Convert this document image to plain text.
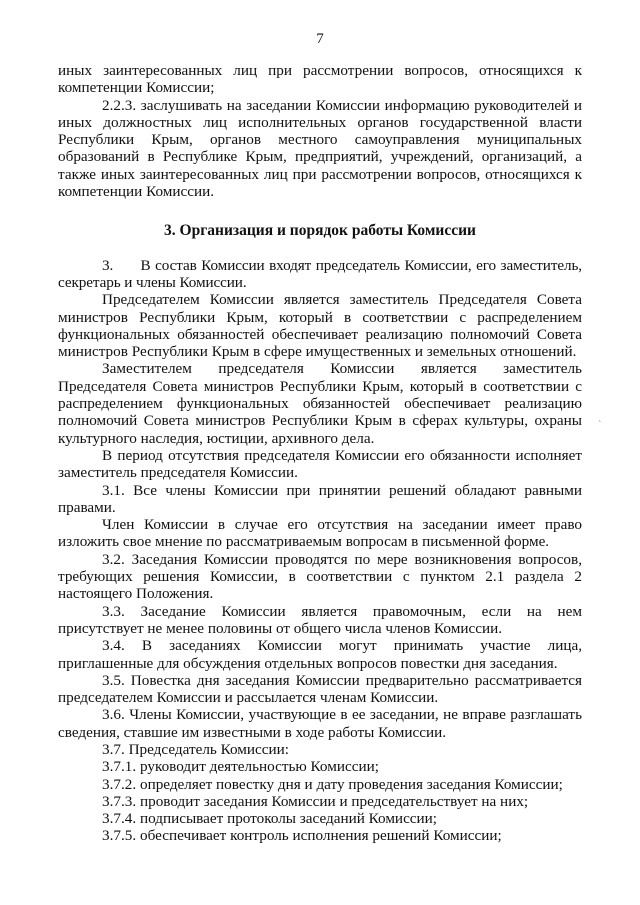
7

иных заинтересованных лиц при рассмотрении вопросов, относящихся к компетенции Комиссии;

2.2.3. заслушивать на заседании Комиссии информацию руководителей и иных должностных лиц исполнительных органов государственной власти Республики Крым, органов местного самоуправления муниципальных образований в Республике Крым, предприятий, учреждений, организаций, а также иных заинтересованных лиц при рассмотрении вопросов, относящихся к компетенции Комиссии.

3. Организация и порядок работы Комиссии

3.      В состав Комиссии входят председатель Комиссии, его заместитель, секретарь и члены Комиссии.

Председателем Комиссии является заместитель Председателя Совета министров Республики Крым, который в соответствии с распределением функциональных обязанностей обеспечивает реализацию полномочий Совета министров Республики Крым в сфере имущественных и земельных отношений.

Заместителем председателя Комиссии является заместитель Председателя Совета министров Республики Крым, который в соответствии с распределением функциональных обязанностей обеспечивает реализацию полномочий Совета министров Республики Крым в сферах культуры, охраны культурного наследия, юстиции, архивного дела.

В период отсутствия председателя Комиссии его обязанности исполняет заместитель председателя Комиссии.

3.1. Все члены Комиссии при принятии решений обладают равными правами.

Член Комиссии в случае его отсутствия на заседании имеет право изложить свое мнение по рассматриваемым вопросам в письменной форме.

3.2. Заседания Комиссии проводятся по мере возникновения вопросов, требующих решения Комиссии, в соответствии с пунктом 2.1 раздела 2 настоящего Положения.

3.3. Заседание Комиссии является правомочным, если на нем присутствует не менее половины от общего числа членов Комиссии.

3.4. В заседаниях Комиссии могут принимать участие лица, приглашенные для обсуждения отдельных вопросов повестки дня заседания.

3.5. Повестка дня заседания Комиссии предварительно рассматривается председателем Комиссии и рассылается членам Комиссии.

3.6. Члены Комиссии, участвующие в ее заседании, не вправе разглашать сведения, ставшие им известными в ходе работы Комиссии.

3.7. Председатель Комиссии:

3.7.1. руководит деятельностью Комиссии;

3.7.2. определяет повестку дня и дату проведения заседания Комиссии;

3.7.3. проводит заседания Комиссии и председательствует на них;

3.7.4. подписывает протоколы заседаний Комиссии;

3.7.5. обеспечивает контроль исполнения решений Комиссии;

`
